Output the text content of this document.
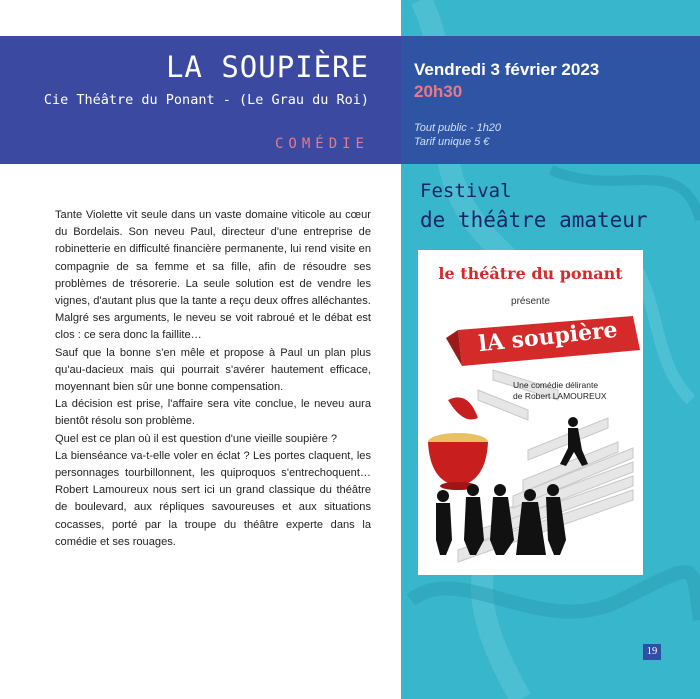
LA SOUPIÈRE
Cie Théâtre du Ponant - (Le Grau du Roi)
COMÉDIE
Vendredi 3 février 2023
20h30
Tout public - 1h20
Tarif unique 5 €
Festival
de théâtre amateur

Tante Violette vit seule dans un vaste domaine viticole au cœur du Bordelais. Son neveu Paul, directeur d'une entreprise de robinetterie en difficulté financière permanente, lui rend visite en compagnie de sa femme et sa fille, afin de résoudre ses problèmes de trésorerie. La seule solution est de vendre les vignes, d'autant plus que la tante a reçu deux offres alléchantes.

Malgré ses arguments, le neveu se voit rabroué et le débat est clos : ce sera donc la faillite…

Sauf que la bonne s'en mêle et propose à Paul un plan plus qu'au-dacieux mais qui pourrait s'avérer hautement efficace, moyennant bien sûr une bonne compensation.

La décision est prise, l'affaire sera vite conclue, le neveu aura bientôt résolu son problème.

Quel est ce plan où il est question d'une vieille soupière ?

La bienséance va-t-elle voler en éclat ? Les portes claquent, les personnages tourbillonnent, les quiproquos s'entrechoquent… Robert Lamoureux nous sert ici un grand classique du théâtre de boulevard, aux répliques savoureuses et aux situations cocasses, porté par la troupe du théâtre experte dans la comédie et ses rouages.

le théâtre du ponant
présente
lA soupière
Une comédie délirante
de Robert LAMOUREUX
19
